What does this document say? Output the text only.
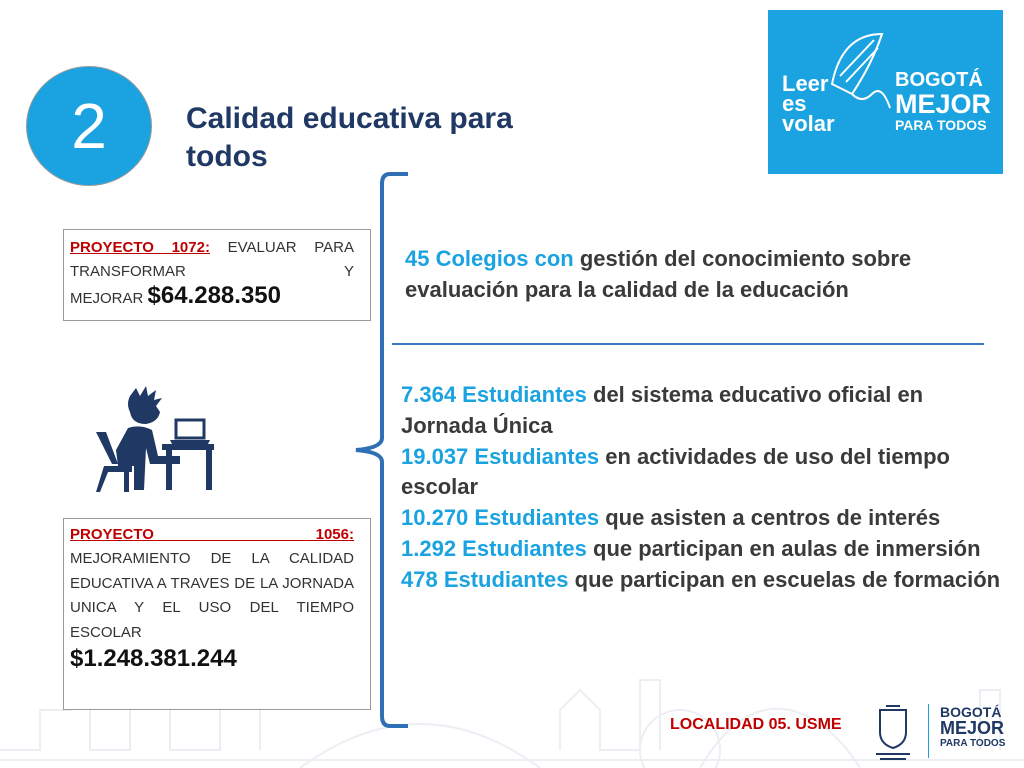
2	Calidad educativa para todos
Leer
es
volar
BOGOTÁ
MEJOR
PARA TODOS
PROYECTO 1072: EVALUAR PARA TRANSFORMAR Y
MEJORAR $64.288.350
45 Colegios con gestión del conocimiento sobre evaluación para la calidad de la educación
PROYECTO 1056:
MEJORAMIENTO DE LA CALIDAD EDUCATIVA A TRAVES DE LA JORNADA UNICA Y EL USO DEL TIEMPO ESCOLAR
$1.248.381.244

7.364 Estudiantes del sistema educativo oficial en Jornada Única

19.037 Estudiantes en actividades de uso del tiempo escolar

10.270 Estudiantes que asisten a centros de interés

1.292 Estudiantes que participan en aulas de inmersión

478 Estudiantes que participan en escuelas de formación

LOCALIDAD 05. USME
BOGOTÁ
MEJOR
PARA TODOS
